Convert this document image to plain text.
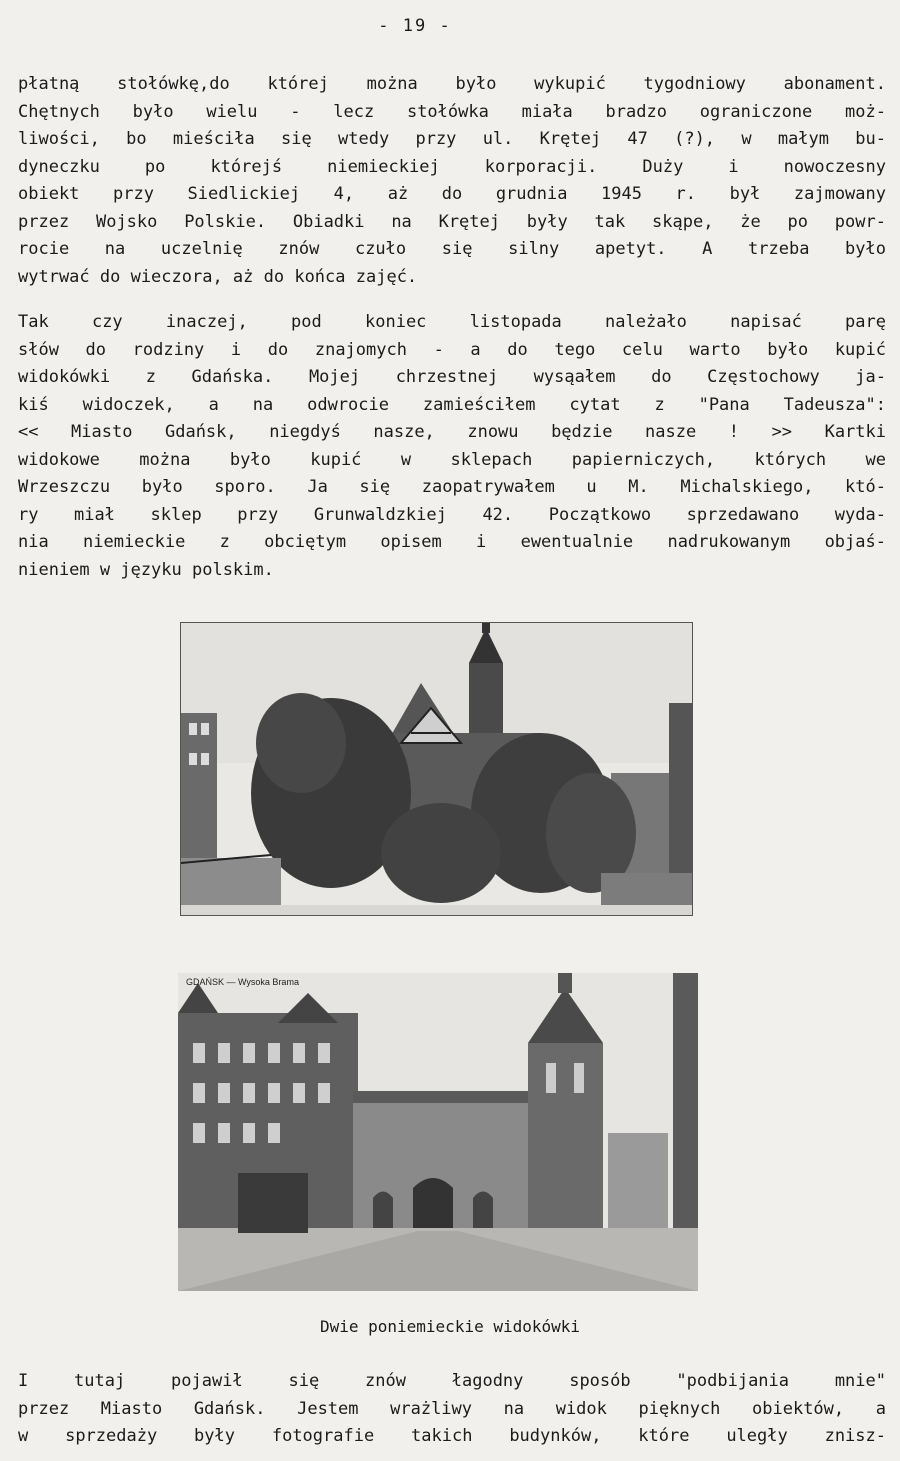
- 19 -

płatną stołówkę,do której można było wykupić tygodniowy abonament.
Chętnych było wielu - lecz stołówka miała bradzo ograniczone moż-
liwości, bo mieściła się wtedy przy ul. Krętej 47 (?), w małym bu-
dyneczku po którejś niemieckiej korporacji. Duży i nowoczesny
obiekt przy Siedlickiej 4, aż do grudnia 1945 r. był zajmowany
przez Wojsko Polskie. Obiadki na Krętej były tak skąpe, że po powr-
rocie na uczelnię znów czuło się silny apetyt. A trzeba było
wytrwać do wieczora, aż do końca zajęć.

Tak czy inaczej, pod koniec listopada należało napisać parę
słów do rodziny i do znajomych - a do tego celu warto było kupić
widokówki z Gdańska. Mojej chrzestnej wysąałem do Częstochowy ja-
kiś widoczek, a na odwrocie zamieściłem cytat z "Pana Tadeusza":
<< Miasto Gdańsk, niegdyś nasze, znowu będzie nasze ! >> Kartki
widokowe można było kupić w sklepach papierniczych, których we
Wrzeszczu było sporo. Ja się zaopatrywałem u M. Michalskiego, któ-
ry miał sklep przy Grunwaldzkiej 42. Początkowo sprzedawano wyda-
nia niemieckie z obciętym opisem i ewentualnie nadrukowanym objaś-
nieniem w języku polskim.

GDAŃSK — Wysoka Brama
Dwie poniemieckie widokówki

I tutaj pojawił się znów łagodny sposób "podbijania mnie"
przez Miasto Gdańsk. Jestem wrażliwy na widok pięknych obiektów, a
w sprzedaży były fotografie takich budynków, które uległy znisz-
